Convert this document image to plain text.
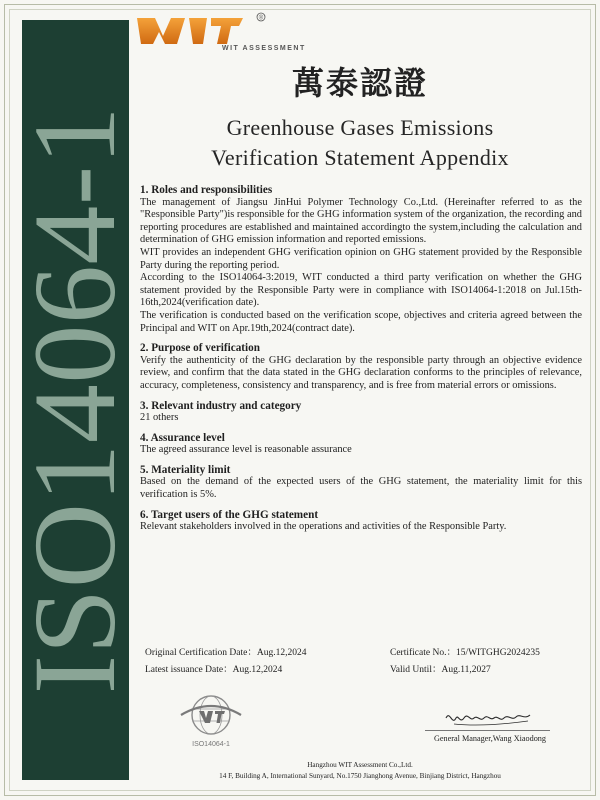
ISO14064-1
®
WIT ASSESSMENT
萬泰認證
Greenhouse Gases Emissions
Verification Statement Appendix
1. Roles and responsibilities

The management of Jiangsu JinHui Polymer Technology Co.,Ltd. (Hereinafter referred to as the "Responsible Party")is responsible for the GHG information system of the organization, the recording and reporting procedures are established and maintained accordingto the system,including the calculation and determination of GHG emission information and reported emissions.

WIT provides an independent GHG verification opinion on GHG statement provided by the Responsible Party during the reporting period.

According to the ISO14064-3:2019, WIT conducted a third party verification on whether the GHG statement provided by the Responsible Party were in compliance with ISO14064-1:2018 on Jul.15th-16th,2024(verification date).

The verification is conducted based on the verification scope, objectives and criteria agreed between the Principal and WIT on Apr.19th,2024(contract date).

2. Purpose of verification

Verify the authenticity of the GHG declaration by the responsible party through an objective evidence review, and confirm that the data stated in the GHG declaration conforms to the principles of relevance, accuracy, completeness, consistency and transparency, and is free from material errors or omissions.

3. Relevant industry and category

21 others

4. Assurance level

The agreed assurance level is reasonable assurance

5. Materiality limit

Based on the demand of the expected users of the GHG statement, the materiality limit for this verification is 5%.

6. Target users of the GHG statement

Relevant stakeholders involved in the operations and activities of the Responsible Party.

Original Certification Date：Aug.12,2024
Latest issuance Date：Aug.12,2024
Certificate No.：15/WITGHG2024235
Valid Until：Aug.11,2027
ISO14064-1
General Manager,Wang Xiaodong
Hangzhou WIT Assessment Co.,Ltd.
14 F, Building A, International Sunyard, No.1750 Jianghong Avenue, Binjiang District, Hangzhou
